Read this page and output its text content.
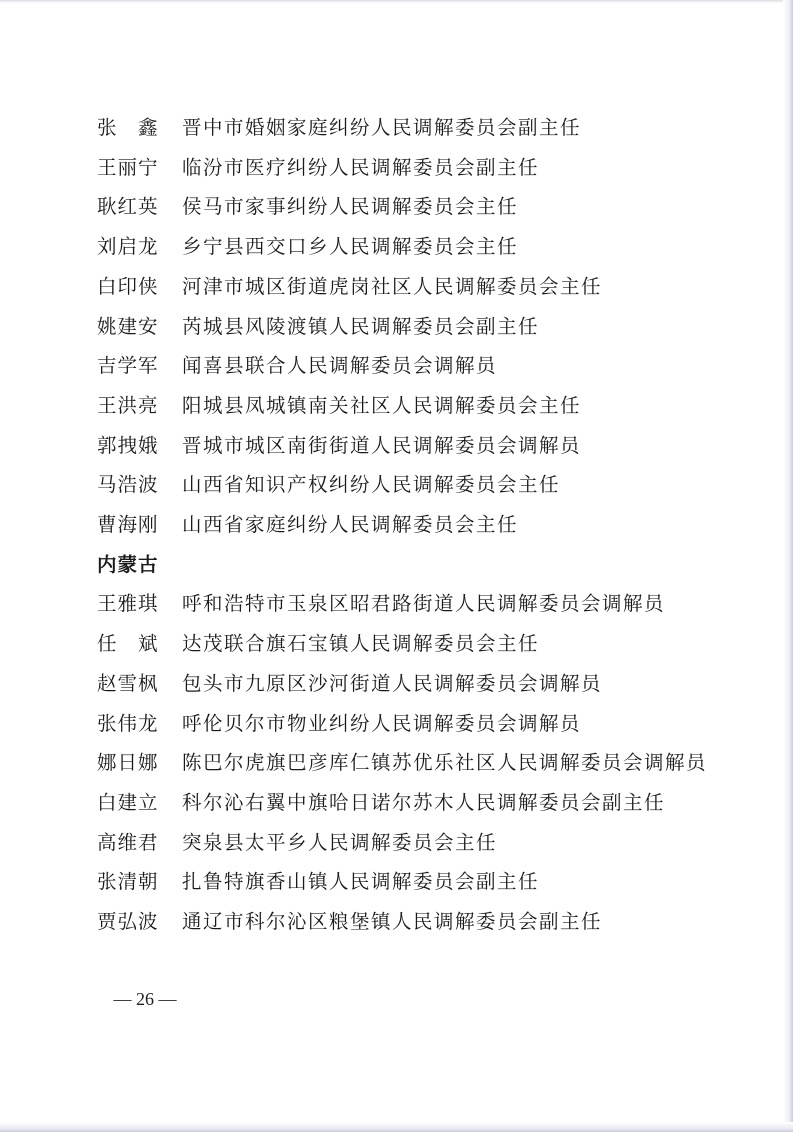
张　鑫	晋中市婚姻家庭纠纷人民调解委员会副主任
王丽宁	临汾市医疗纠纷人民调解委员会副主任
耿红英	侯马市家事纠纷人民调解委员会主任
刘启龙	乡宁县西交口乡人民调解委员会主任
白印侠	河津市城区街道虎岗社区人民调解委员会主任
姚建安	芮城县风陵渡镇人民调解委员会副主任
吉学军	闻喜县联合人民调解委员会调解员
王洪亮	阳城县凤城镇南关社区人民调解委员会主任
郭拽娥	晋城市城区南街街道人民调解委员会调解员
马浩波	山西省知识产权纠纷人民调解委员会主任
曹海刚	山西省家庭纠纷人民调解委员会主任
内蒙古
王雅琪	呼和浩特市玉泉区昭君路街道人民调解委员会调解员
任　斌	达茂联合旗石宝镇人民调解委员会主任
赵雪枫	包头市九原区沙河街道人民调解委员会调解员
张伟龙	呼伦贝尔市物业纠纷人民调解委员会调解员
娜日娜	陈巴尔虎旗巴彦库仁镇苏优乐社区人民调解委员会调解员
白建立	科尔沁右翼中旗哈日诺尔苏木人民调解委员会副主任
高维君	突泉县太平乡人民调解委员会主任
张清朝	扎鲁特旗香山镇人民调解委员会副主任
贾弘波	通辽市科尔沁区粮堡镇人民调解委员会副主任
— 26 —
